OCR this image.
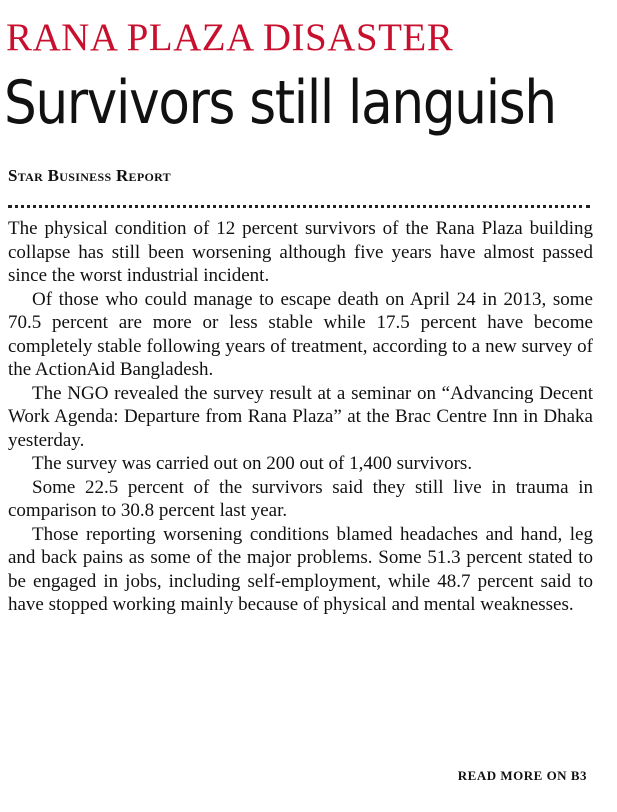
RANA PLAZA DISASTER
Survivors still languish
Star Business Report

The physical condition of 12 percent survivors of the Rana Plaza building collapse has still been worsening although five years have almost passed since the worst industrial incident.

Of those who could manage to escape death on April 24 in 2013, some 70.5 percent are more or less stable while 17.5 percent have become completely stable following years of treatment, according to a new survey of the ActionAid Bangladesh.

The NGO revealed the survey result at a seminar on “Advancing Decent Work Agenda: Departure from Rana Plaza” at the Brac Centre Inn in Dhaka yesterday.

The survey was carried out on 200 out of 1,400 survivors.

Some 22.5 percent of the survivors said they still live in trauma in comparison to 30.8 percent last year.

Those reporting worsening conditions blamed headaches and hand, leg and back pains as some of the major problems. Some 51.3 percent stated to be engaged in jobs, including self-employment, while 48.7 percent said to have stopped working mainly because of physical and mental weaknesses.

READ MORE ON B3
